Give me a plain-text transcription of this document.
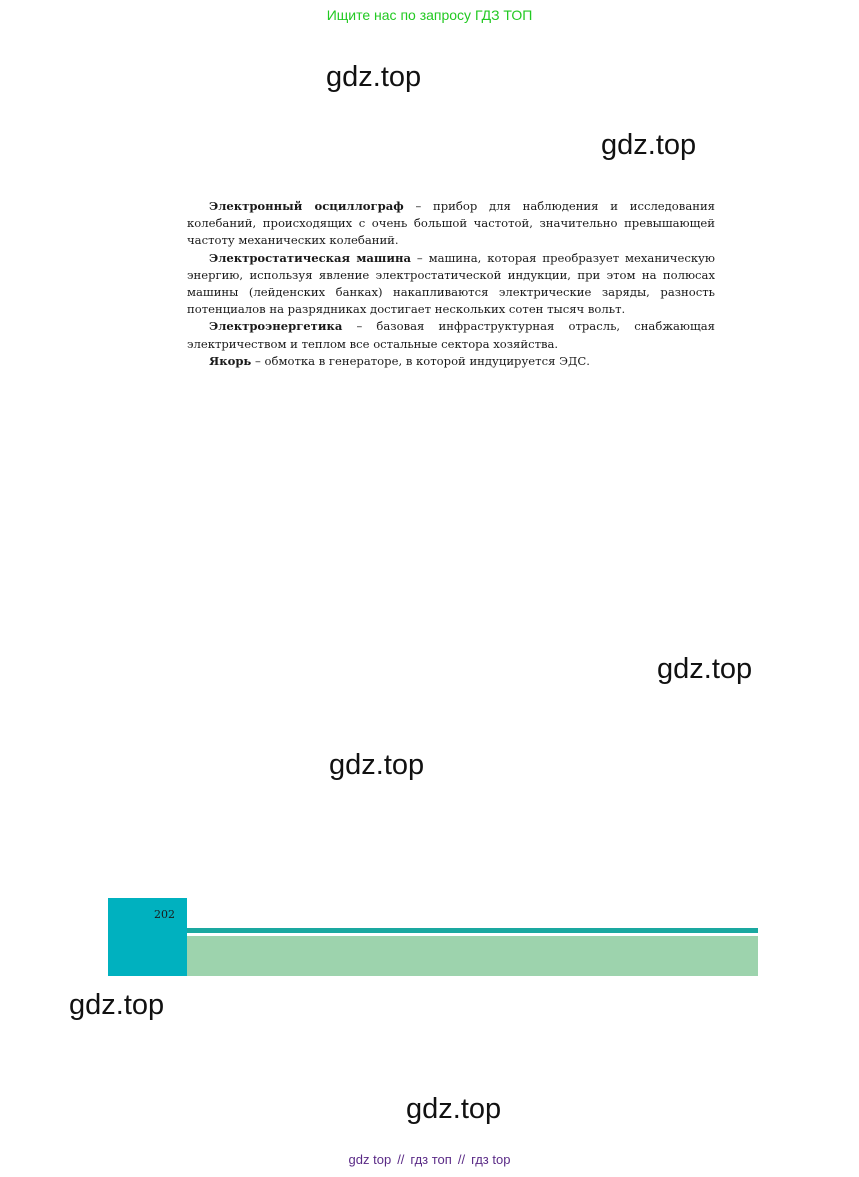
Ищите нас по запросу ГДЗ ТОП
gdz.top
gdz.top

Электронный осциллограф – прибор для наблюдения и исследования колебаний, происходящих с очень большой частотой, значительно превышающей частоту механических колебаний.

Электростатическая машина – машина, которая преобразует механическую энергию, используя явление электростатической индукции, при этом на полюсах машины (лейденских банках) накапливаются электрические заряды, разность потенциалов на разрядниках достигает нескольких сотен тысяч вольт.

Электроэнергетика – базовая инфраструктурная отрасль, снабжающая электричеством и теплом все остальные сектора хозяйства.

Якорь – обмотка в генераторе, в которой индуцируется ЭДС.

gdz.top
gdz.top
202
gdz.top
gdz.top
gdz top // гдз топ // гдз top
